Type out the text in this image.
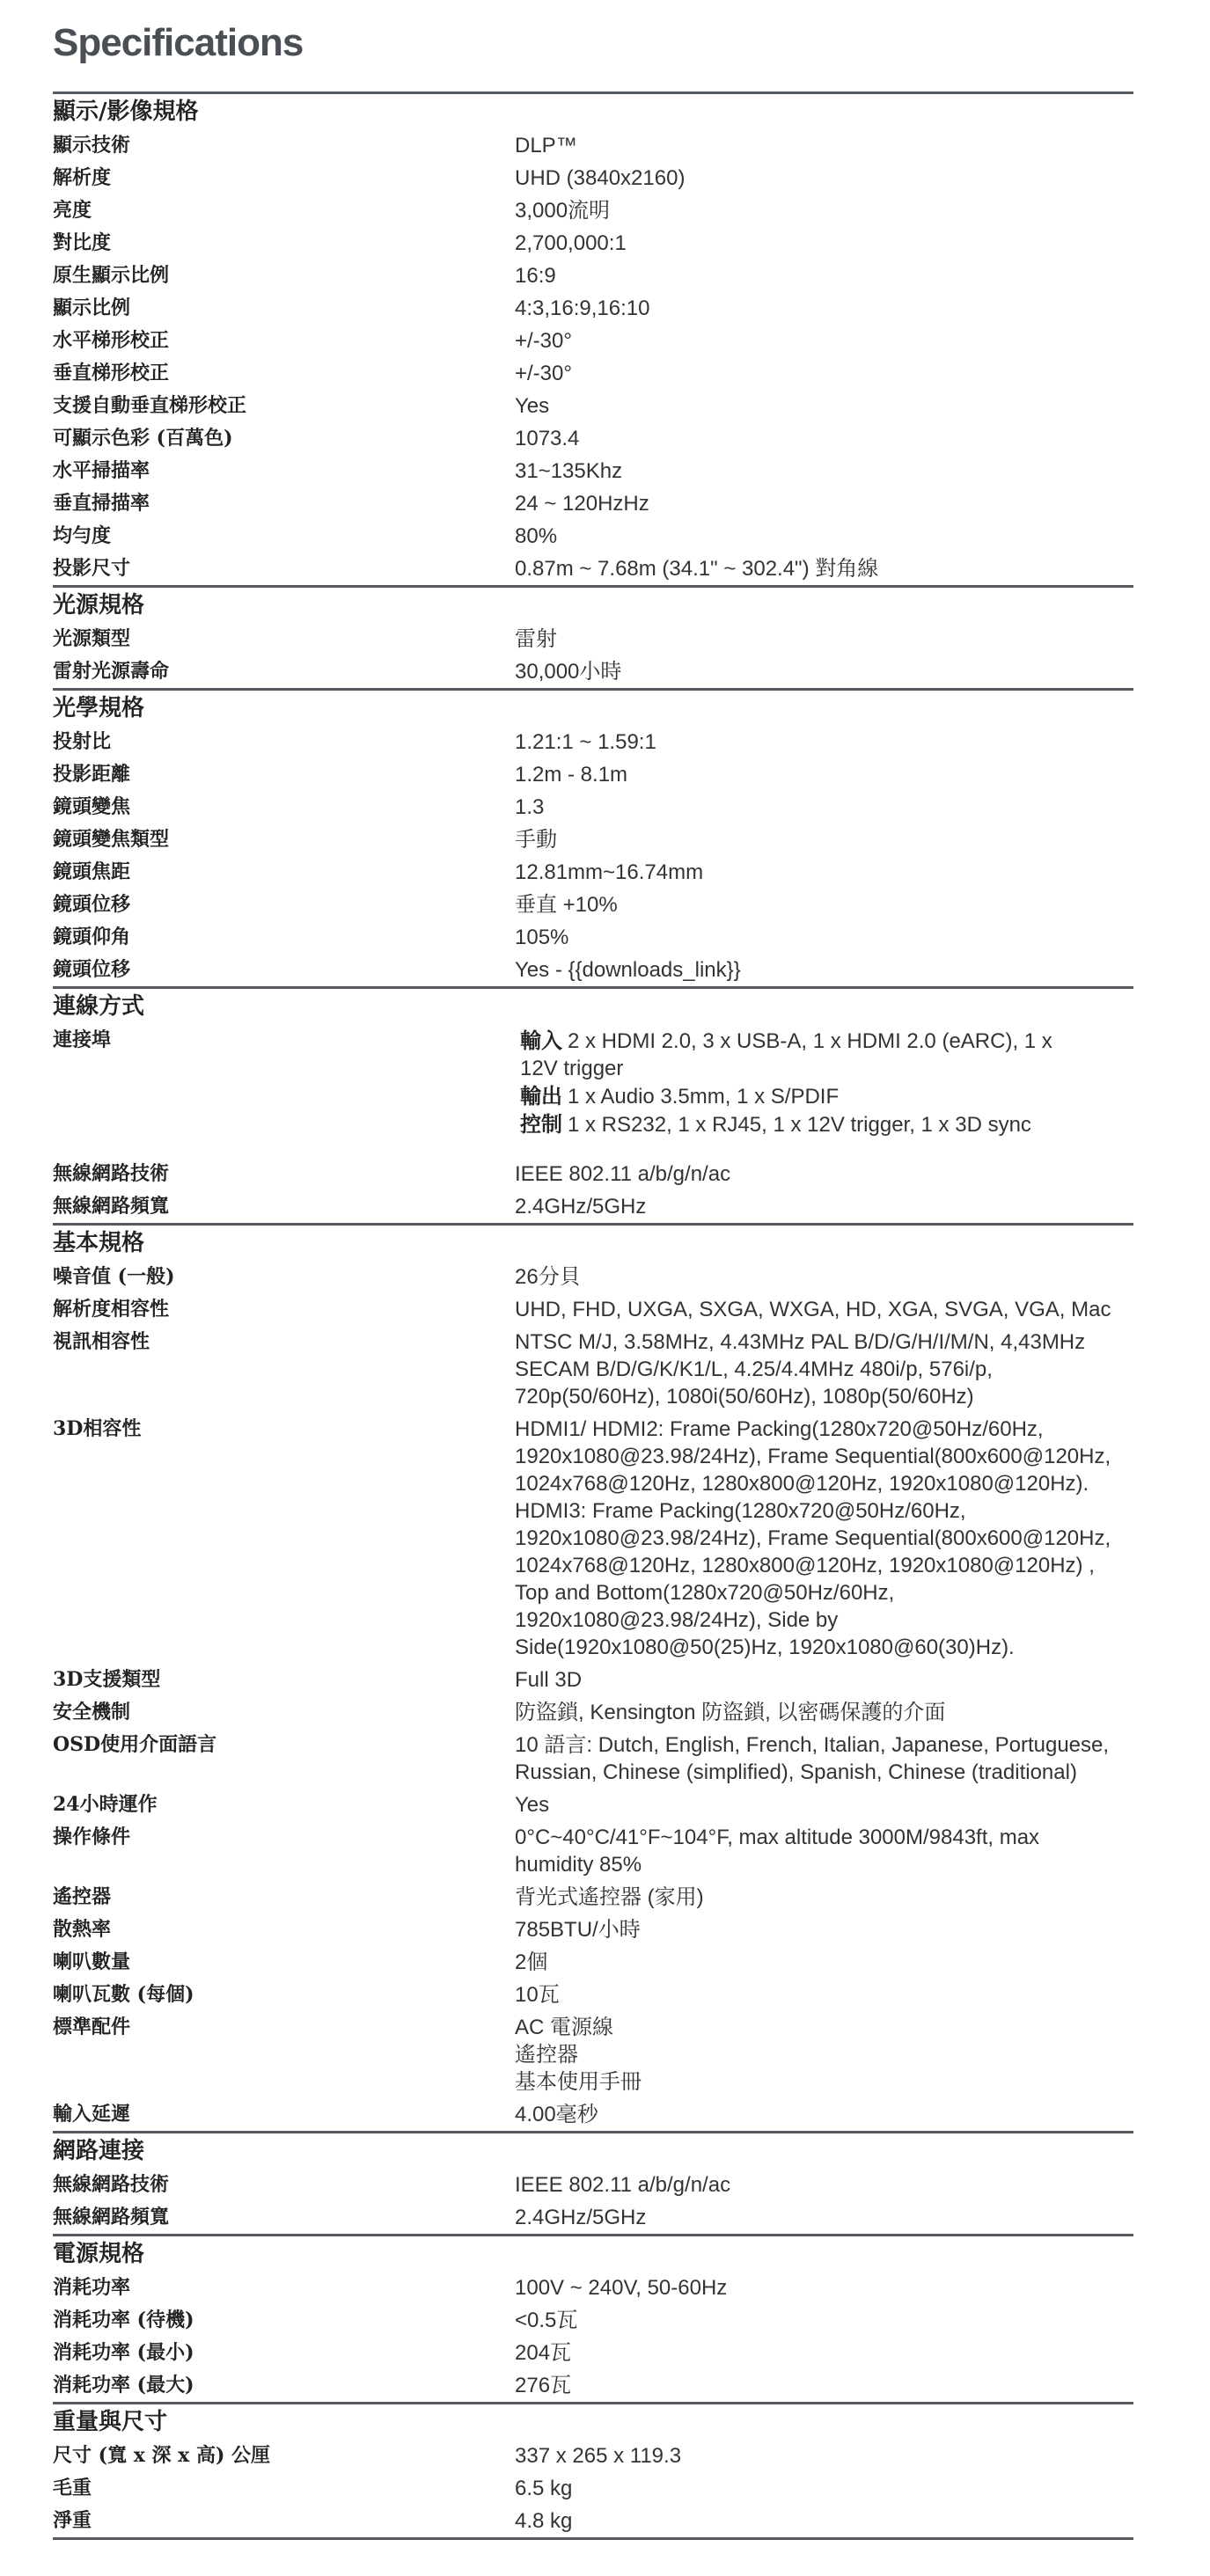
Specifications
顯示/影像規格
顯示技術	DLP™
解析度	UHD (3840x2160)
亮度	3,000流明
對比度	2,700,000:1
原生顯示比例	16:9
顯示比例	4:3,16:9,16:10
水平梯形校正	+/-30°
垂直梯形校正	+/-30°
支援自動垂直梯形校正	Yes
可顯示色彩 (百萬色)	1073.4
水平掃描率	31~135Khz
垂直掃描率	24 ~ 120HzHz
均勻度	80%
投影尺寸	0.87m ~ 7.68m (34.1" ~ 302.4") 對角線
光源規格
光源類型	雷射
雷射光源壽命	30,000小時
光學規格
投射比	1.21:1 ~ 1.59:1
投影距離	1.2m - 8.1m
鏡頭變焦	1.3
鏡頭變焦類型	手動
鏡頭焦距	12.81mm~16.74mm
鏡頭位移	垂直 +10%
鏡頭仰角	105%
鏡頭位移	Yes - {{downloads_link}}
連線方式
連接埠	輸入 2 x HDMI 2.0, 3 x USB-A, 1 x HDMI 2.0 (eARC), 1 x
12V trigger
輸出 1 x Audio 3.5mm, 1 x S/PDIF
控制 1 x RS232, 1 x RJ45, 1 x 12V trigger, 1 x 3D sync
無線網路技術	IEEE 802.11 a/b/g/n/ac
無線網路頻寬	2.4GHz/5GHz
基本規格
噪音值 (一般)	26分貝
解析度相容性	UHD, FHD, UXGA, SXGA, WXGA, HD, XGA, SVGA, VGA, Mac
視訊相容性	NTSC M/J, 3.58MHz, 4.43MHz PAL B/D/G/H/I/M/N, 4,43MHz
SECAM B/D/G/K/K1/L, 4.25/4.4MHz 480i/p, 576i/p,
720p(50/60Hz), 1080i(50/60Hz), 1080p(50/60Hz)
3D相容性	HDMI1/ HDMI2: Frame Packing(1280x720@50Hz/60Hz,
1920x1080@23.98/24Hz), Frame Sequential(800x600@120Hz,
1024x768@120Hz, 1280x800@120Hz, 1920x1080@120Hz).
HDMI3: Frame Packing(1280x720@50Hz/60Hz,
1920x1080@23.98/24Hz), Frame Sequential(800x600@120Hz,
1024x768@120Hz, 1280x800@120Hz, 1920x1080@120Hz) ,
Top and Bottom(1280x720@50Hz/60Hz,
1920x1080@23.98/24Hz), Side by
Side(1920x1080@50(25)Hz, 1920x1080@60(30)Hz).
3D支援類型	Full 3D
安全機制	防盜鎖, Kensington 防盜鎖, 以密碼保護的介面
OSD使用介面語言	10 語言: Dutch, English, French, Italian, Japanese, Portuguese,
Russian, Chinese (simplified), Spanish, Chinese (traditional)
24小時運作	Yes
操作條件	0°C~40°C/41°F~104°F, max altitude 3000M/9843ft, max
humidity 85%
遙控器	背光式遙控器 (家用)
散熱率	785BTU/小時
喇叭數量	2個
喇叭瓦數 (每個)	10瓦
標準配件	AC 電源線
遙控器
基本使用手冊
輸入延遲	4.00毫秒
網路連接
無線網路技術	IEEE 802.11 a/b/g/n/ac
無線網路頻寬	2.4GHz/5GHz
電源規格
消耗功率	100V ~ 240V, 50-60Hz
消耗功率 (待機)	<0.5瓦
消耗功率 (最小)	204瓦
消耗功率 (最大)	276瓦
重量與尺寸
尺寸 (寬 x 深 x 高) 公厘	337 x 265 x 119.3
毛重	6.5 kg
淨重	4.8 kg
